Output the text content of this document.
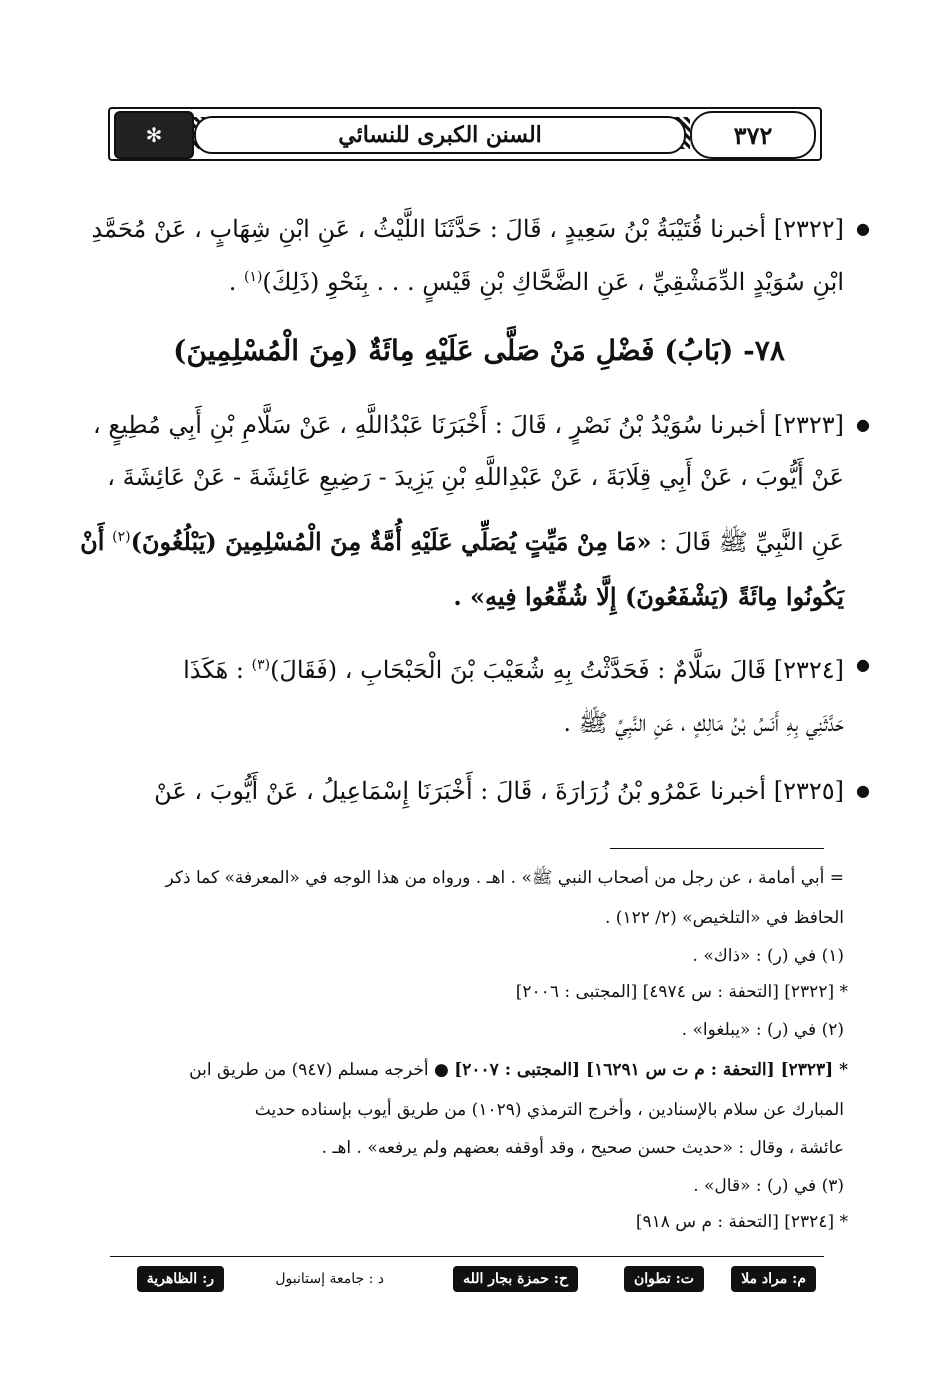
السنن الكبرى للنسائي	٣٧٢
✻
●
[٢٣٢٢] أخبرنا قُتَيْبَةُ بْنُ سَعِيدٍ ، قَالَ : حَدَّثَنَا اللَّيْثُ ، عَنِ ابْنِ شِهَابٍ ، عَنْ مُحَمَّدِ
ابْنِ سُوَيْدٍ الدِّمَشْقِيِّ ، عَنِ الضَّحَّاكِ بْنِ قَيْسٍ . . . بِنَحْوِ (ذَلِكَ)$^{(١)}$ .
٧٨- (بَابُ) فَضْلِ مَنْ صَلَّى عَلَيْهِ مِائَةٌ (مِنَ الْمُسْلِمِينَ)
●
[٢٣٢٣] أخبرنا سُوَيْدُ بْنُ نَصْرٍ ، قَالَ : أَخْبَرَنَا عَبْدُاللَّهِ ، عَنْ سَلَّامِ بْنِ أَبِي مُطِيعٍ ،
عَنْ أَيُّوبَ ، عَنْ أَبِي قِلَابَةَ ، عَنْ عَبْدِاللَّهِ بْنِ يَزِيدَ - رَضِيعِ عَائِشَةَ - عَنْ عَائِشَةَ ،
عَنِ النَّبِيِّ ﷺ قَالَ : «مَا مِنْ مَيِّتٍ يُصَلِّي عَلَيْهِ أُمَّةٌ مِنَ الْمُسْلِمِينَ (يَبْلُغُونَ)$^{(٢)}$ أَنْ
يَكُونُوا مِائَةً (يَشْفَعُونَ) إِلَّا شُفِّعُوا فِيهِ» .
●
[٢٣٢٤] قَالَ سَلَّامٌ : فَحَدَّثْتُ بِهِ شُعَيْبَ بْنَ الْحَبْحَابِ ، (فَقَالَ)$^{(٣)}$ : هَكَذَا
حَدَّثَنِي بِهِ أَنَسُ بْنُ مَالِكٍ ، عَنِ النَّبِيِّ ﷺ .
●
[٢٣٢٥] أخبرنا عَمْرُو بْنُ زُرَارَةَ ، قَالَ : أَخْبَرَنَا إِسْمَاعِيلُ ، عَنْ أَيُّوبَ ، عَنْ
= أبي أمامة ، عن رجل من أصحاب النبي ﷺ» . اهـ . ورواه من هذا الوجه في «المعرفة» كما ذكر
الحافظ في «التلخيص» (٢/ ١٢٢) .
(١) في (ر) : «ذاك» .
* [٢٣٢٢] [التحفة : س ٤٩٧٤] [المجتبى : ٢٠٠٦]
(٢) في (ر) : «يبلغوا» .
* [٢٣٢٣] [التحفة : م ت س ١٦٢٩١] [المجتبى : ٢٠٠٧] ● أخرجه مسلم (٩٤٧) من طريق ابن
المبارك عن سلام بالإسنادين ، وأخرج الترمذي (١٠٢٩) من طريق أيوب بإسناده حديث
عائشة ، وقال : «حديث حسن صحيح ، وقد أوقفه بعضهم ولم يرفعه» . اهـ .
(٣) في (ر) : «قال» .
* [٢٣٢٤] [التحفة : م س ٩١٨]
م: مراد ملا
ت: تطوان
ح: حمزة بجار الله
د : جامعة إستانبول
ر: الظاهرية
